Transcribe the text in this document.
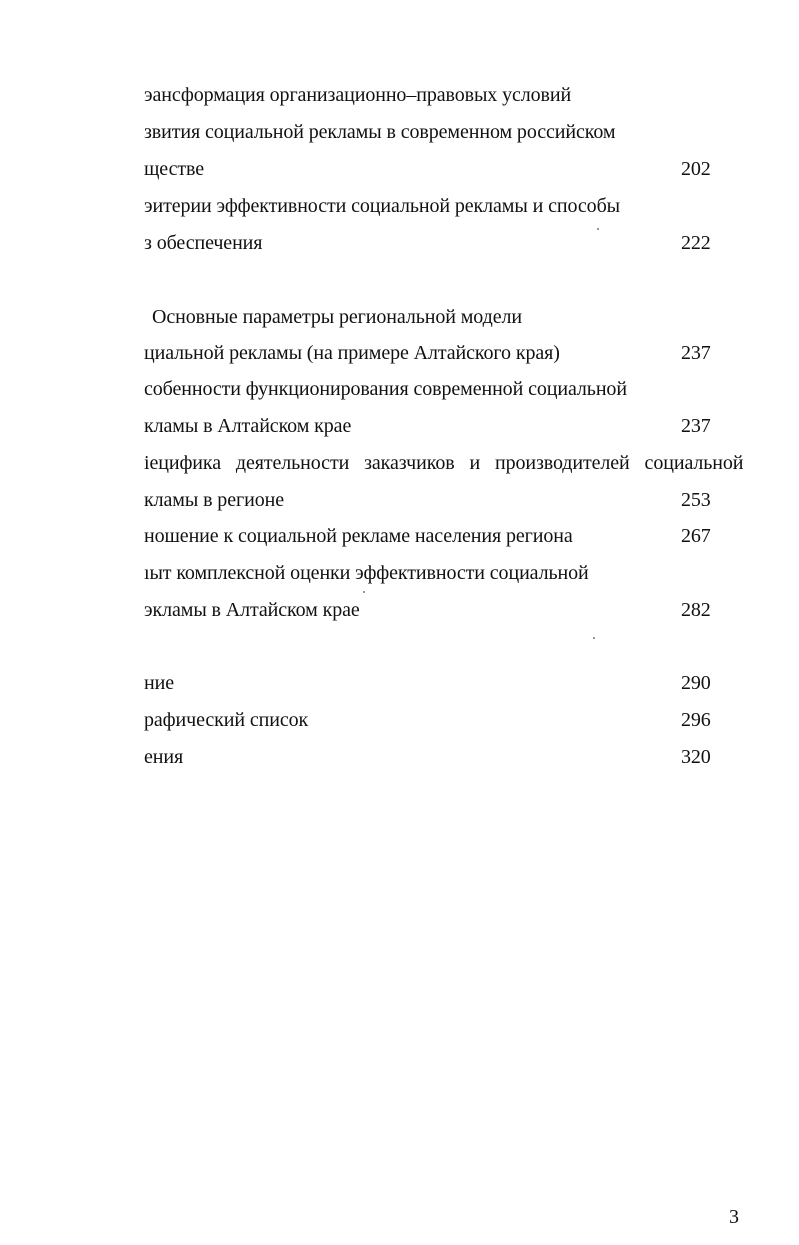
эансформация организационно–правовых условий
звития социальной рекламы в современном российском
ществе	202
эитерии эффективности социальной рекламы и способы
з обеспечения	222
Основные параметры региональной модели
циальной рекламы (на примере Алтайского края)	237
собенности функционирования современной социальной
кламы в Алтайском крае	237
іецифика деятельности заказчиков и производителей социальной
кламы в регионе	253
ношение к социальной рекламе населения региона	267
ıыт комплексной оценки эффективности социальной
экламы в Алтайском крае	282
ние	290
рафический список	296
ения	320
3
